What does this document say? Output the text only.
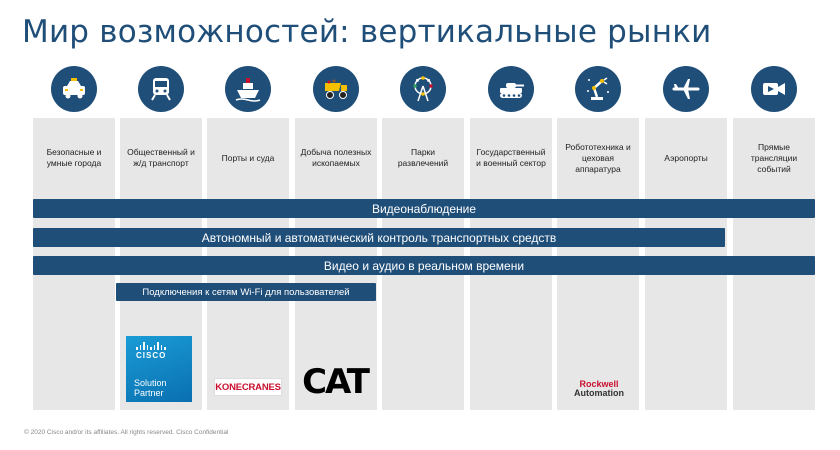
Мир возможностей: вертикальные рынки
Безопасные и умные города
Общественный и ж/д транспорт
Порты и суда
Добыча полезных ископаемых
Парки развлечений
Государственный и военный сектор
Робототехника и цеховая аппаратура
Аэропорты
Прямые трансляции событий
Видеонаблюдение
Автономный и автоматический контроль транспортных средств
Видео и аудио в реальном времени
Подключения к сетям Wi-Fi для пользователей
CISCO
Solution
Partner
KONECRANES CAT	Rockwell
Automation
© 2020 Cisco and/or its affiliates. All rights reserved. Cisco Confidential
